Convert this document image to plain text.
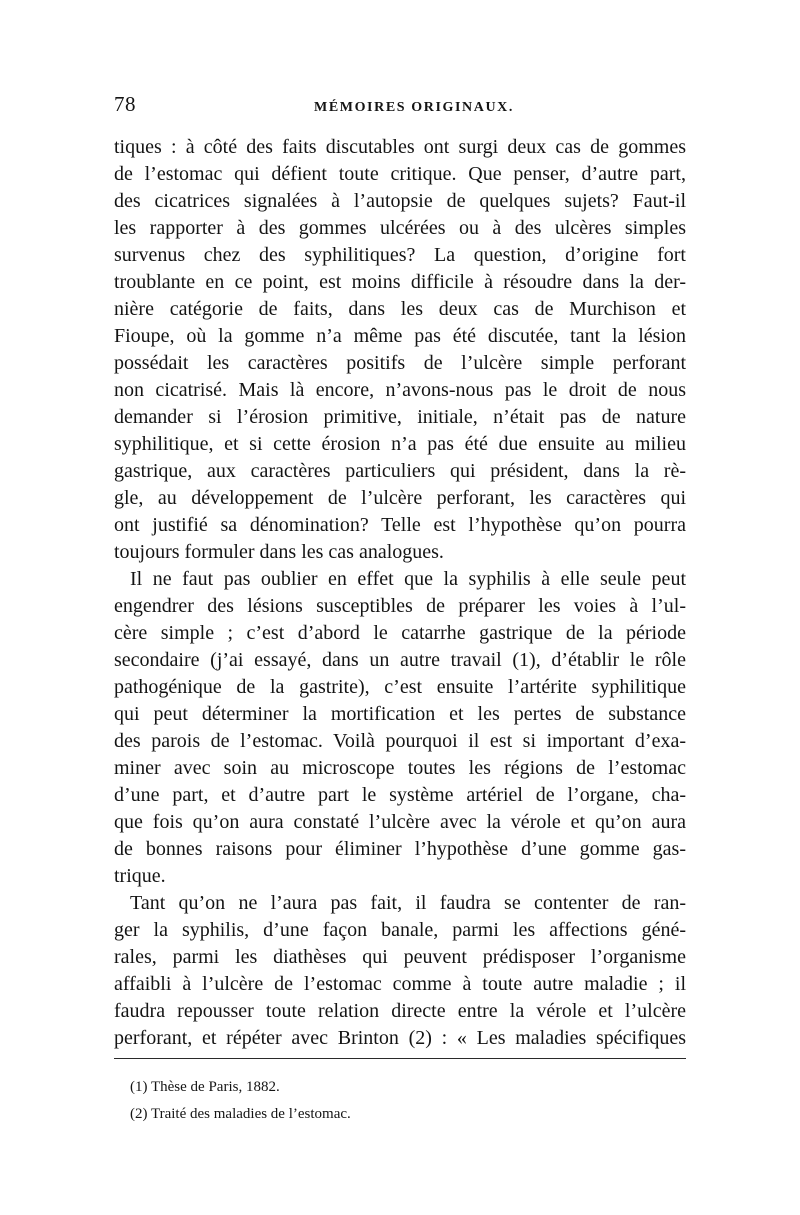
78	MÉMOIRES ORIGINAUX.
tiques : à côté des faits discutables ont surgi deux cas de gommes
de l’estomac qui défient toute critique. Que penser, d’autre part,
des cicatrices signalées à l’autopsie de quelques sujets? Faut-il
les rapporter à des gommes ulcérées ou à des ulcères simples
survenus chez des syphilitiques? La question, d’origine fort
troublante en ce point, est moins difficile à résoudre dans la der-
nière catégorie de faits, dans les deux cas de Murchison et
Fioupe, où la gomme n’a même pas été discutée, tant la lésion
possédait les caractères positifs de l’ulcère simple perforant
non cicatrisé. Mais là encore, n’avons-nous pas le droit de nous
demander si l’érosion primitive, initiale, n’était pas de nature
syphilitique, et si cette érosion n’a pas été due ensuite au milieu
gastrique, aux caractères particuliers qui président, dans la rè-
gle, au développement de l’ulcère perforant, les caractères qui
ont justifié sa dénomination? Telle est l’hypothèse qu’on pourra
toujours formuler dans les cas analogues.
Il ne faut pas oublier en effet que la syphilis à elle seule peut
engendrer des lésions susceptibles de préparer les voies à l’ul-
cère simple ; c’est d’abord le catarrhe gastrique de la période
secondaire (j’ai essayé, dans un autre travail (1), d’établir le rôle
pathogénique de la gastrite), c’est ensuite l’artérite syphilitique
qui peut déterminer la mortification et les pertes de substance
des parois de l’estomac. Voilà pourquoi il est si important d’exa-
miner avec soin au microscope toutes les régions de l’estomac
d’une part, et d’autre part le système artériel de l’organe, cha-
que fois qu’on aura constaté l’ulcère avec la vérole et qu’on aura
de bonnes raisons pour éliminer l’hypothèse d’une gomme gas-
trique.
Tant qu’on ne l’aura pas fait, il faudra se contenter de ran-
ger la syphilis, d’une façon banale, parmi les affections géné-
rales, parmi les diathèses qui peuvent prédisposer l’organisme
affaibli à l’ulcère de l’estomac comme à toute autre maladie ; il
faudra repousser toute relation directe entre la vérole et l’ulcère
perforant, et répéter avec Brinton (2) : « Les maladies spécifiques
(1) Thèse de Paris, 1882.
(2) Traité des maladies de l’estomac.
